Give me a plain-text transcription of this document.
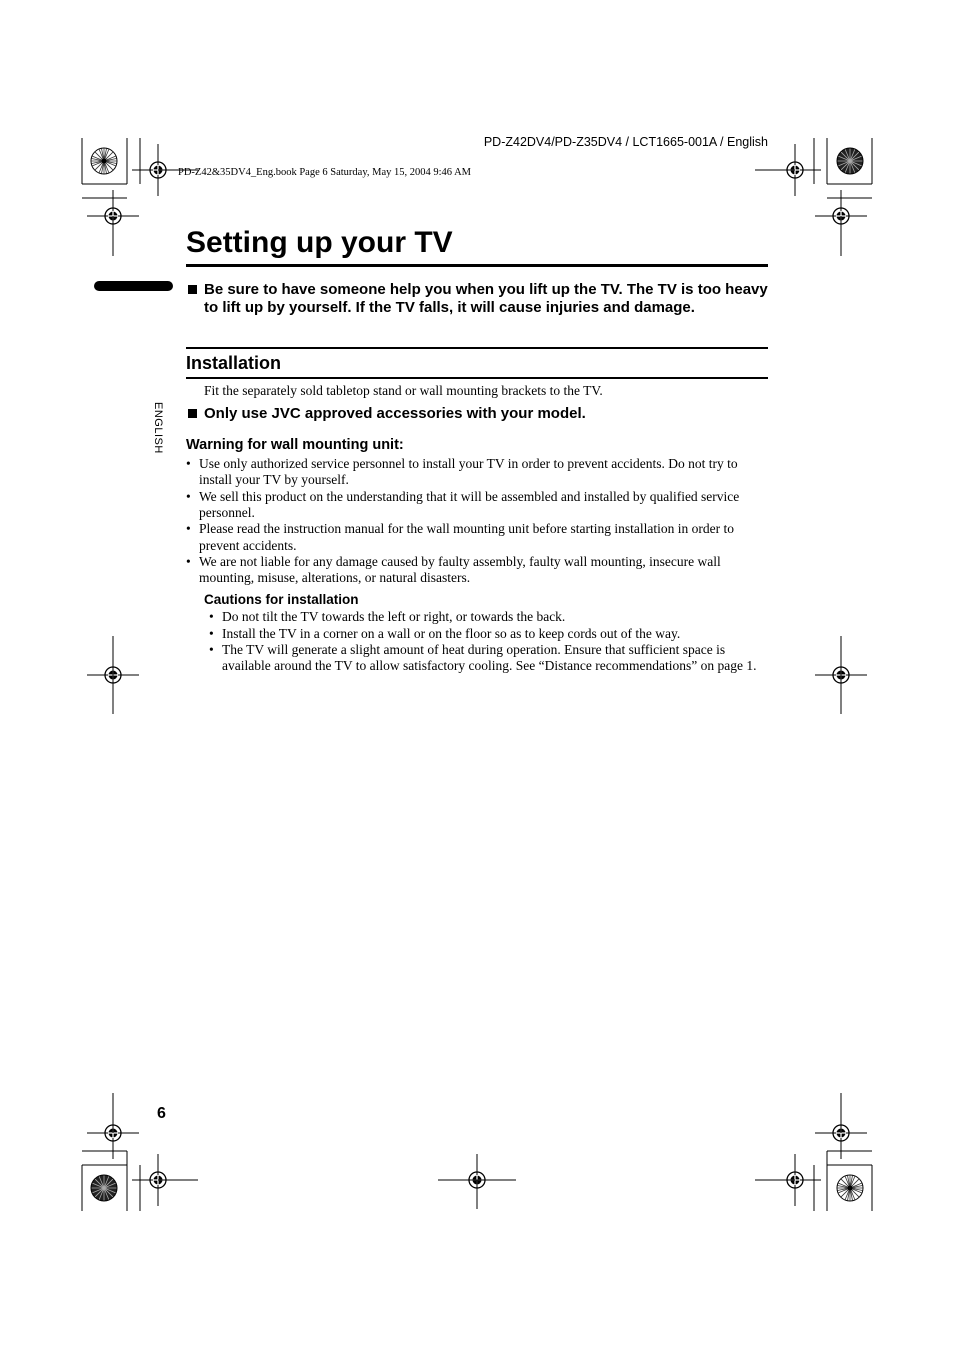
PD-Z42DV4/PD-Z35DV4 / LCT1665-001A / English
PD-Z42&35DV4_Eng.book Page 6 Saturday, May 15, 2004 9:46 AM
Setting up your TV
ENGLISH
Be sure to have someone help you when you lift up the TV. The TV is too heavy to lift up by yourself. If the TV falls, it will cause injuries and damage.
Installation
Fit the separately sold tabletop stand or wall mounting brackets to the TV.
Only use JVC approved accessories with your model.
Warning for wall mounting unit:
• Use only authorized service personnel to install your TV in order to prevent accidents. Do not try to install your TV by yourself.
• We sell this product on the understanding that it will be assembled and installed by qualified service personnel.
• Please read the instruction manual for the wall mounting unit before starting installation in order to prevent accidents.
• We are not liable for any damage caused by faulty assembly, faulty wall mounting, insecure wall mounting, misuse, alterations, or natural disasters.
Cautions for installation
• Do not tilt the TV towards the left or right, or towards the back.
• Install the TV in a corner on a wall or on the floor so as to keep cords out of the way.
• The TV will generate a slight amount of heat during operation. Ensure that sufficient space is available around the TV to allow satisfactory cooling. See “Distance recommendations” on page 1.
6
